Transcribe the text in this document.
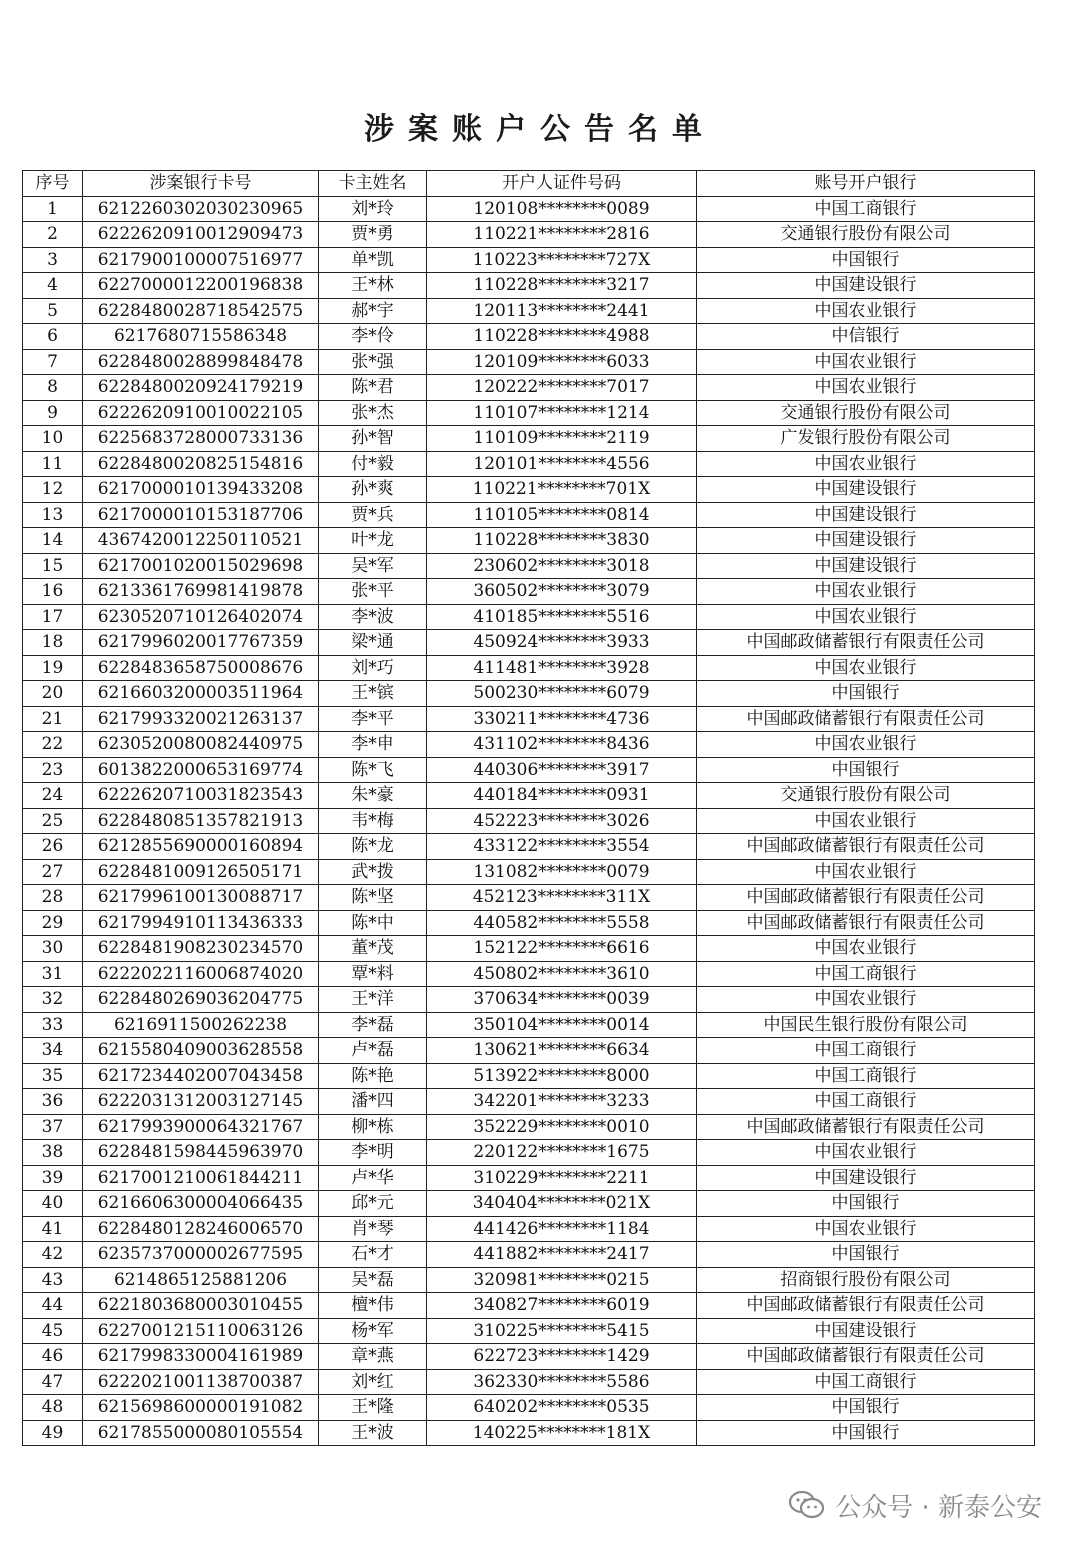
涉案账户公告名单
序号	涉案银行卡号	卡主姓名	开户人证件号码	账号开户银行
1	6212260302030230965	刘*玲	120108********0089	中国工商银行
2	6222620910012909473	贾*勇	110221********2816	交通银行股份有限公司
3	6217900100007516977	单*凯	110223********727X	中国银行
4	6227000012200196838	王*林	110228********3217	中国建设银行
5	6228480028718542575	郝*宇	120113********2441	中国农业银行
6	6217680715586348	李*伶	110228********4988	中信银行
7	6228480028899848478	张*强	120109********6033	中国农业银行
8	6228480020924179219	陈*君	120222********7017	中国农业银行
9	6222620910010022105	张*杰	110107********1214	交通银行股份有限公司
10	6225683728000733136	孙*智	110109********2119	广发银行股份有限公司
11	6228480020825154816	付*毅	120101********4556	中国农业银行
12	6217000010139433208	孙*爽	110221********701X	中国建设银行
13	6217000010153187706	贾*兵	110105********0814	中国建设银行
14	4367420012250110521	叶*龙	110228********3830	中国建设银行
15	6217001020015029698	吴*军	230602********3018	中国建设银行
16	6213361769981419878	张*平	360502********3079	中国农业银行
17	6230520710126402074	李*波	410185********5516	中国农业银行
18	6217996020017767359	梁*通	450924********3933	中国邮政储蓄银行有限责任公司
19	6228483658750008676	刘*巧	411481********3928	中国农业银行
20	6216603200003511964	王*镔	500230********6079	中国银行
21	6217993320021263137	李*平	330211********4736	中国邮政储蓄银行有限责任公司
22	6230520080082440975	李*申	431102********8436	中国农业银行
23	6013822000653169774	陈*飞	440306********3917	中国银行
24	6222620710031823543	朱*豪	440184********0931	交通银行股份有限公司
25	6228480851357821913	韦*梅	452223********3026	中国农业银行
26	6212855690000160894	陈*龙	433122********3554	中国邮政储蓄银行有限责任公司
27	6228481009126505171	武*拨	131082********0079	中国农业银行
28	6217996100130088717	陈*坚	452123********311X	中国邮政储蓄银行有限责任公司
29	6217994910113436333	陈*中	440582********5558	中国邮政储蓄银行有限责任公司
30	6228481908230234570	董*茂	152122********6616	中国农业银行
31	6222022116006874020	覃*料	450802********3610	中国工商银行
32	6228480269036204775	王*洋	370634********0039	中国农业银行
33	6216911500262238	李*磊	350104********0014	中国民生银行股份有限公司
34	6215580409003628558	卢*磊	130621********6634	中国工商银行
35	6217234402007043458	陈*艳	513922********8000	中国工商银行
36	6222031312003127145	潘*四	342201********3233	中国工商银行
37	6217993900064321767	柳*栋	352229********0010	中国邮政储蓄银行有限责任公司
38	6228481598445963970	李*明	220122********1675	中国农业银行
39	6217001210061844211	卢*华	310229********2211	中国建设银行
40	6216606300004066435	邱*元	340404********021X	中国银行
41	6228480128246006570	肖*琴	441426********1184	中国农业银行
42	6235737000002677595	石*才	441882********2417	中国银行
43	6214865125881206	吴*磊	320981********0215	招商银行股份有限公司
44	6221803680003010455	檀*伟	340827********6019	中国邮政储蓄银行有限责任公司
45	6227001215110063126	杨*军	310225********5415	中国建设银行
46	6217998330004161989	章*燕	622723********1429	中国邮政储蓄银行有限责任公司
47	6222021001138700387	刘*红	362330********5586	中国工商银行
48	6215698600000191082	王*隆	640202********0535	中国银行
49	6217855000080105554	王*波	140225********181X	中国银行
公众号 · 新泰公安
